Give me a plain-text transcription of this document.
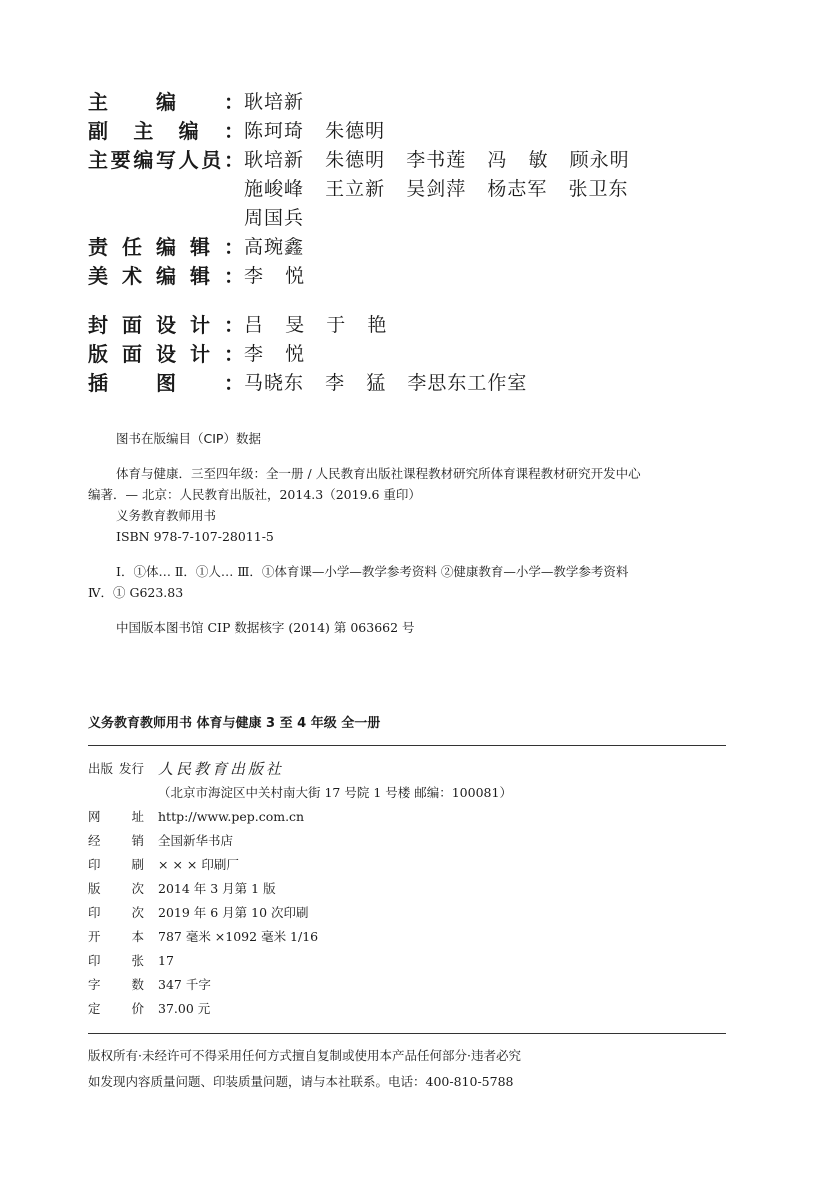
主 编 ： 耿培新
副 主 编 ： 陈珂琦   朱德明
主 要 编 写 人 员 ： 耿培新   朱德明   李书莲   冯   敏   顾永明
施峻峰   王立新   吴剑萍   杨志军   张卫东
周国兵
责 任 编 辑 ： 高琬鑫
美 术 编 辑 ： 李   悦
封 面 设 计 ： 吕   旻   于   艳
版 面 设 计 ： 李   悦
插 图 ： 马晓东   李   猛   李思东工作室
图书在版编目（CIP）数据

体育与健康．三至四年级：全一册 / 人民教育出版社课程教材研究所体育课程教材研究开发中心

编著．— 北京：人民教育出版社，2014.3（2019.6 重印）

义务教育教师用书

ISBN 978-7-107-28011-5

Ⅰ．①体… Ⅱ．①人… Ⅲ．①体育课—小学—教学参考资料 ②健康教育—小学—教学参考资料

Ⅳ．① G623.83

中国版本图书馆 CIP 数据核字 (2014) 第 063662 号

义务教育教师用书 体育与健康 3 至 4 年级 全一册
出版 发行 人民教育出版社
（北京市海淀区中关村南大街 17 号院 1 号楼 邮编：100081）
网 址 http://www.pep.com.cn
经 销 全国新华书店
印 刷 × × × 印刷厂
版 次 2014 年 3 月第 1 版
印 次 2019 年 6 月第 10 次印刷
开 本 787 毫米 ×1092 毫米 1/16
印 张 17
字 数 347 千字
定 价 37.00 元

版权所有·未经许可不得采用任何方式擅自复制或使用本产品任何部分·违者必究

如发现内容质量问题、印装质量问题，请与本社联系。电话：400-810-5788
